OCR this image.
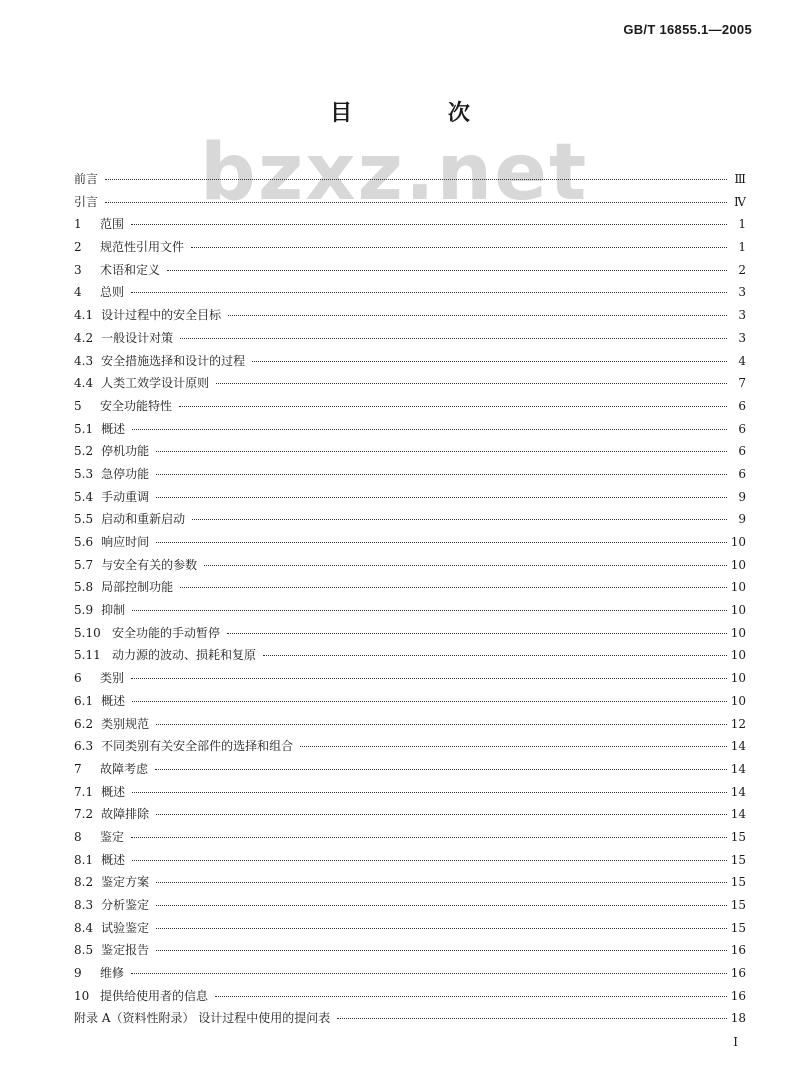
GB/T 16855.1—2005
bzxz.net
目 次
前言	Ⅲ
引言	Ⅳ
1	范围	1
2	规范性引用文件	1
3	术语和定义	2
4	总则	3
4.1 设计过程中的安全目标	3
4.2 一般设计对策	3
4.3 安全措施选择和设计的过程	4
4.4 人类工效学设计原则	7
5	安全功能特性	6
5.1 概述	6
5.2 停机功能	6
5.3 急停功能	6
5.4 手动重调	9
5.5 启动和重新启动	9
5.6 响应时间	10
5.7 与安全有关的参数	10
5.8 局部控制功能	10
5.9 抑制	10
5.10 安全功能的手动暂停	10
5.11 动力源的波动、损耗和复原	10
6	类别	10
6.1 概述	10
6.2 类别规范	12
6.3 不同类别有关安全部件的选择和组合	14
7	故障考虑	14
7.1 概述	14
7.2 故障排除	14
8	鉴定	15
8.1 概述	15
8.2 鉴定方案	15
8.3 分析鉴定	15
8.4 试验鉴定	15
8.5 鉴定报告	16
9	维修	16
10 提供给使用者的信息	16
附录 A（资料性附录） 设计过程中使用的提问表	18
Ⅰ
